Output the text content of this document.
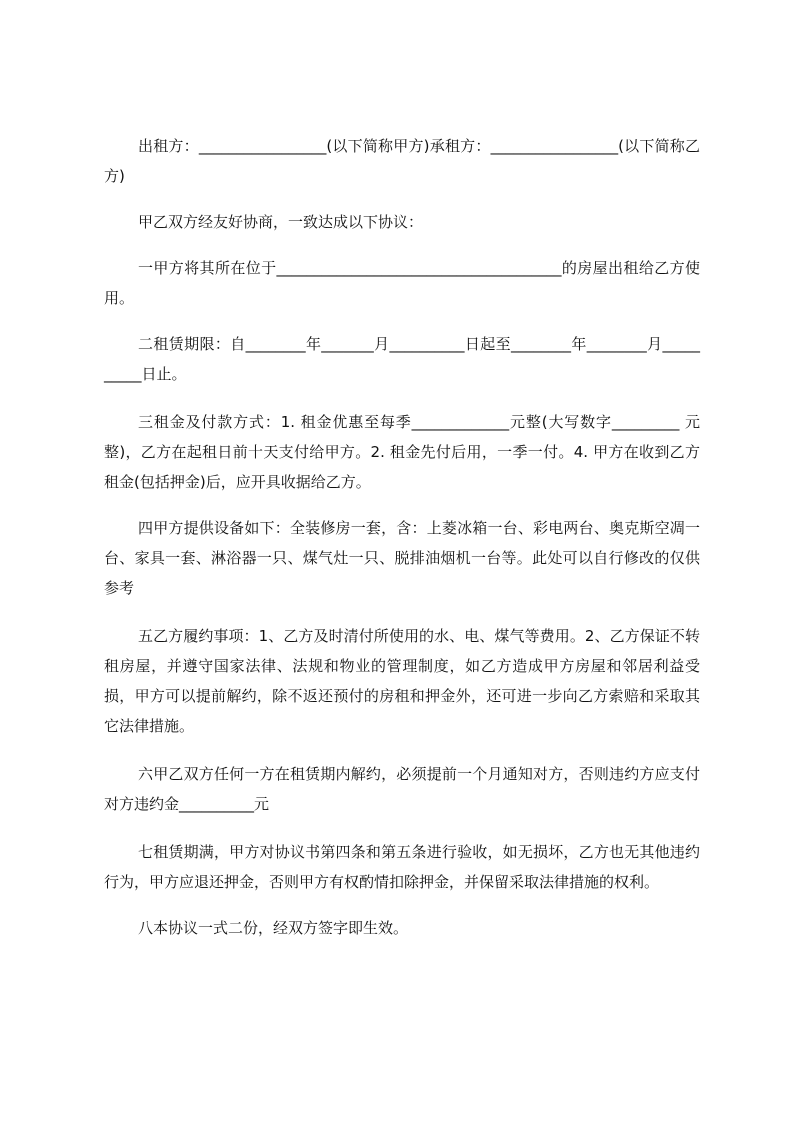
出租方：_________________(以下简称甲方)承租方：_________________(以下简称乙方)

甲乙双方经友好协商，一致达成以下协议：

一甲方将其所在位于______________________________________的房屋出租给乙方使用。

二租赁期限：自________年_______月__________日起至________年________月__________日止。

三租金及付款方式：1. 租金优惠至每季_____________元整(大写数字_________ 元整)，乙方在起租日前十天支付给甲方。2. 租金先付后用，一季一付。4. 甲方在收到乙方租金(包括押金)后，应开具收据给乙方。

四甲方提供设备如下：全装修房一套，含：上菱冰箱一台、彩电两台、奥克斯空凋一台、家具一套、淋浴器一只、煤气灶一只、脱排油烟机一台等。此处可以自行修改的仅供参考

五乙方履约事项：1、乙方及时清付所使用的水、电、煤气等费用。2、乙方保证不转租房屋，并遵守国家法律、法规和物业的管理制度，如乙方造成甲方房屋和邻居利益受损，甲方可以提前解约，除不返还预付的房租和押金外，还可进一步向乙方索赔和采取其它法律措施。

六甲乙双方任何一方在租赁期内解约，必须提前一个月通知对方，否则违约方应支付对方违约金__________元

七租赁期满，甲方对协议书第四条和第五条进行验收，如无损坏，乙方也无其他违约行为，甲方应退还押金，否则甲方有权酌情扣除押金，并保留采取法律措施的权利。

八本协议一式二份，经双方签字即生效。
